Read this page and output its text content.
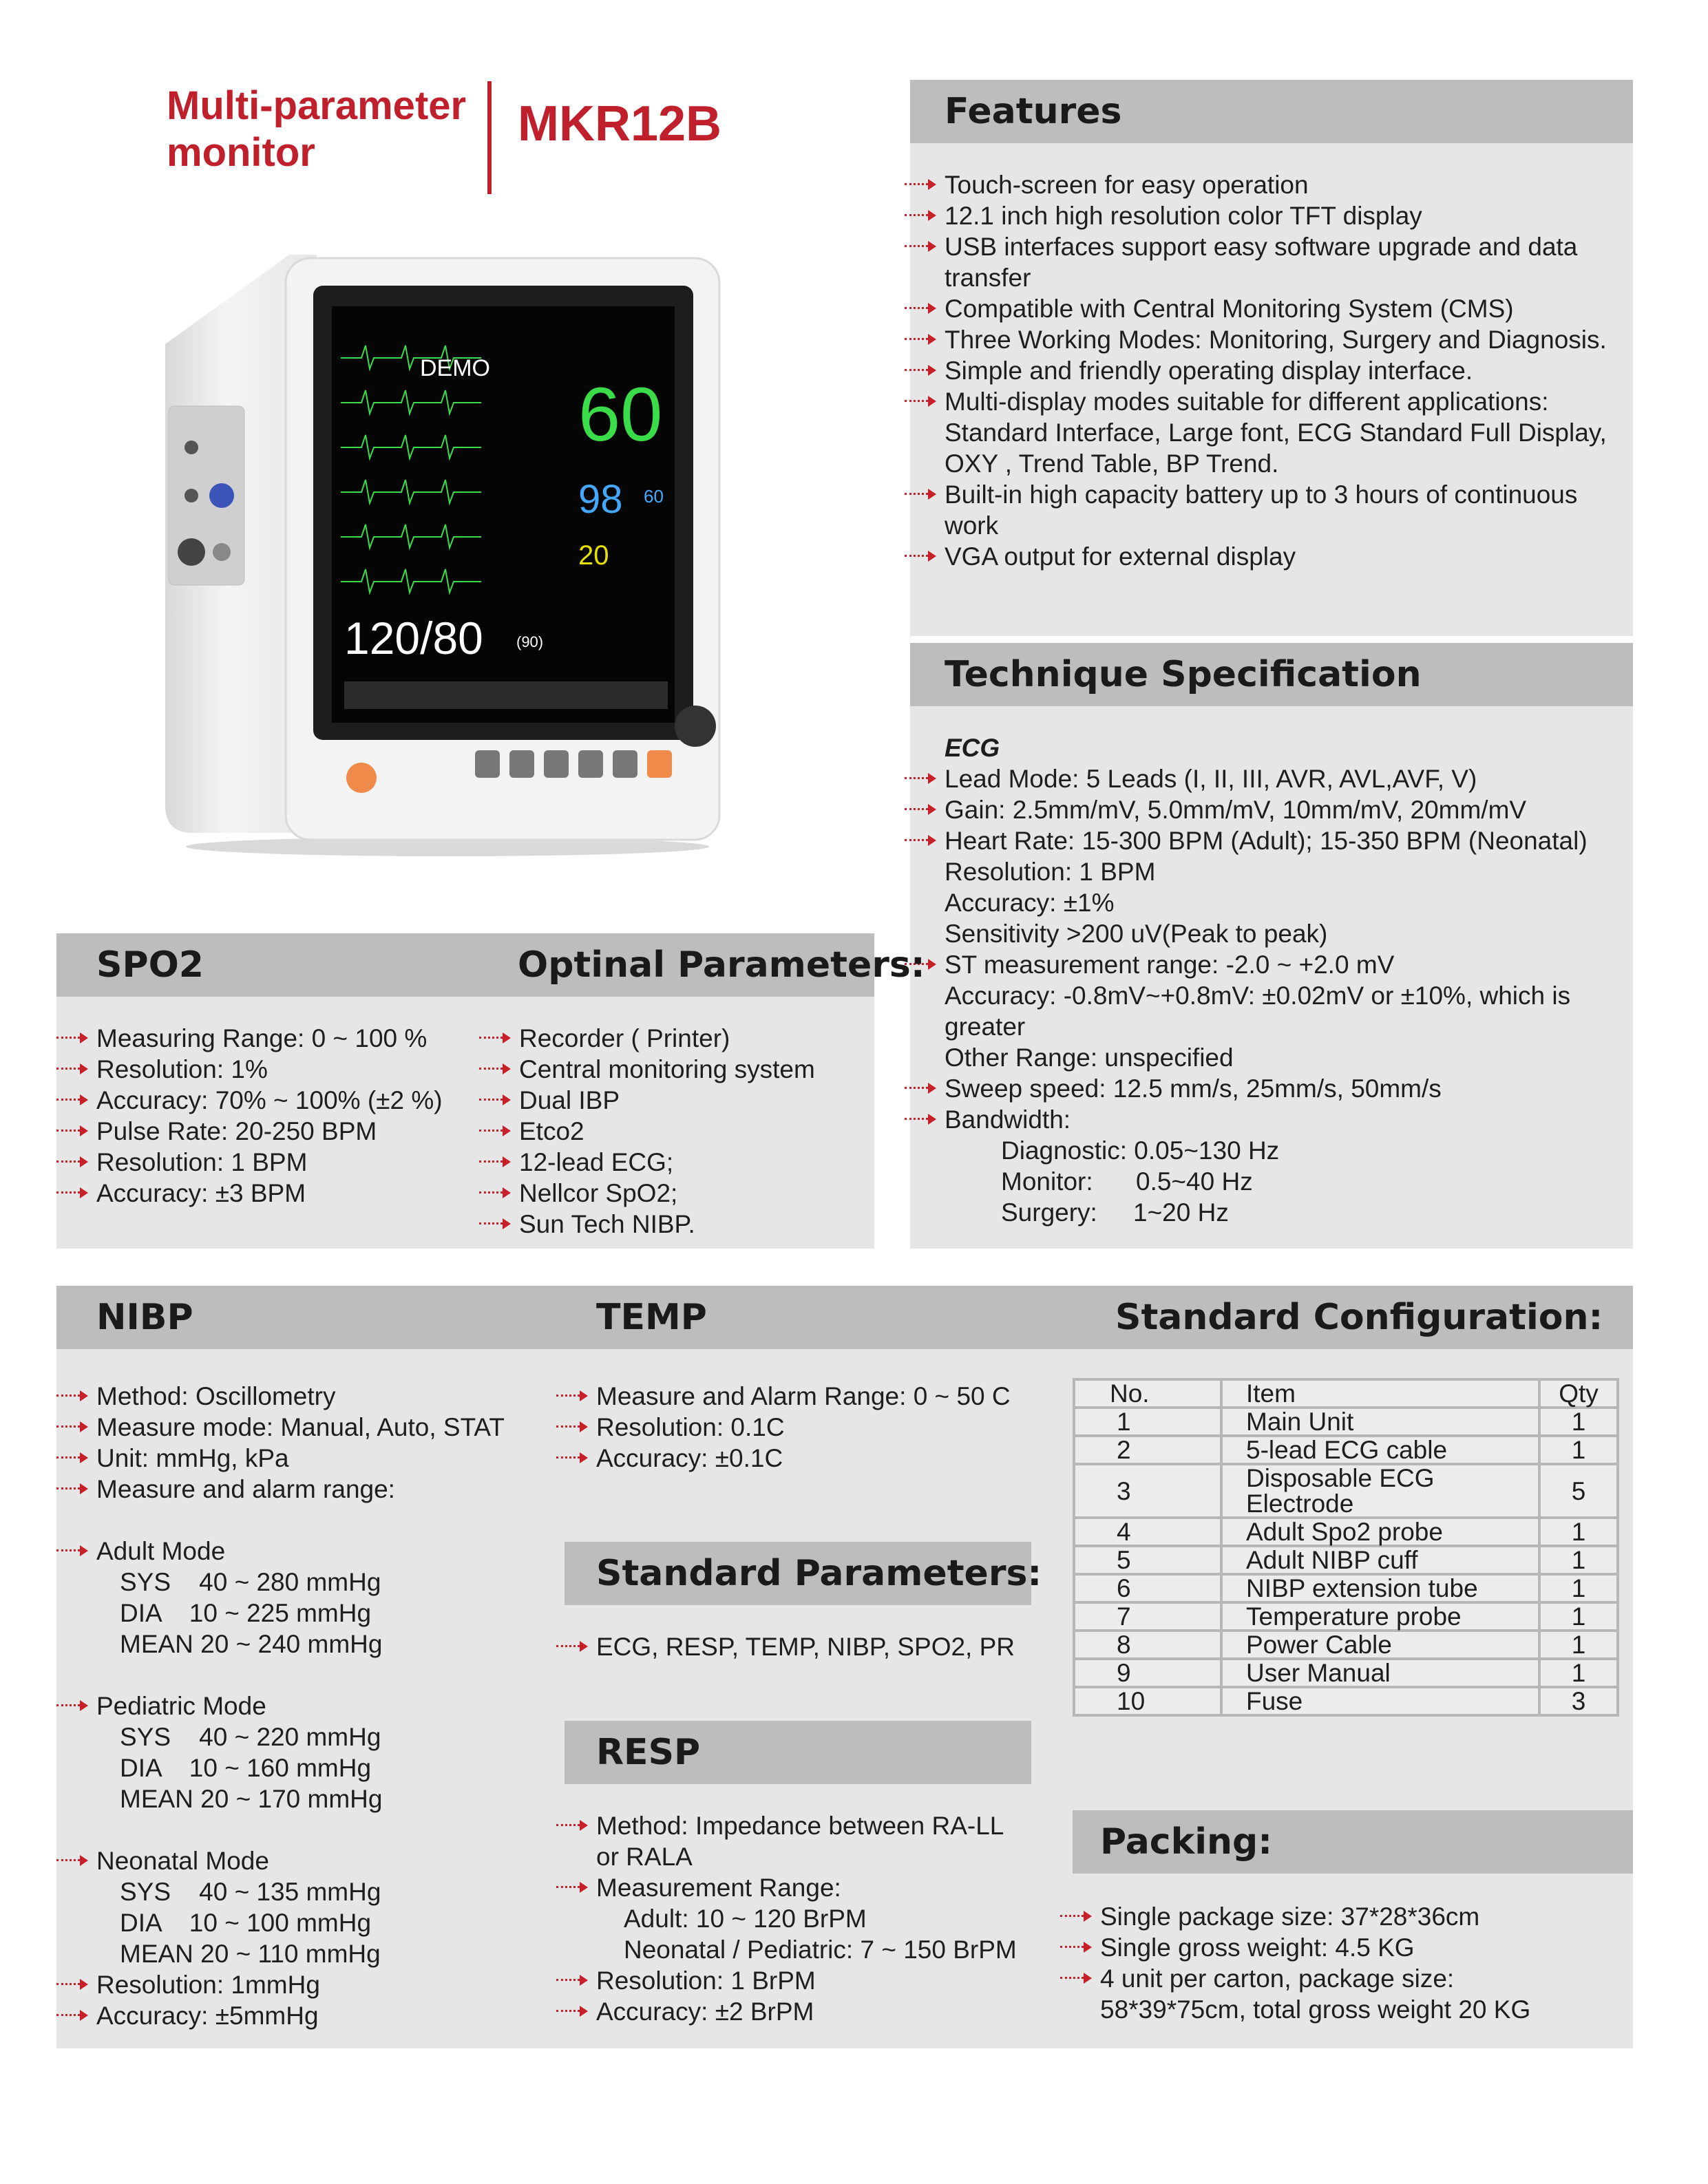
Multi-parameter
monitor
MKR12B
DEMO
60
98 60
20
120/80 (90)
Features
Touch-screen for easy operation
12.1 inch high resolution color TFT display
USB interfaces support easy software upgrade and data transfer
Compatible with Central Monitoring System (CMS)
Three Working Modes: Monitoring, Surgery and Diagnosis.
Simple and friendly operating display interface.
Multi-display modes suitable for different applications: Standard Interface, Large font, ECG Standard Full Display, OXY , Trend Table, BP Trend.
Built-in high capacity battery up to 3 hours of continuous work
VGA output for external display
Technique Specification
ECG
Lead Mode: 5 Leads (I, II, III, AVR, AVL,AVF, V)
Gain: 2.5mm/mV, 5.0mm/mV, 10mm/mV, 20mm/mV
Heart Rate: 15-300 BPM (Adult); 15-350 BPM (Neonatal)
Resolution: 1 BPM
Accuracy: ±1%
Sensitivity >200 uV(Peak to peak)
ST measurement range: -2.0 ~ +2.0 mV
Accuracy: -0.8mV~+0.8mV: ±0.02mV or ±10%, which is greater
Other Range: unspecified
Sweep speed: 12.5 mm/s, 25mm/s, 50mm/s
Bandwidth:
Diagnostic: 0.05~130 Hz
Monitor: 0.5~40 Hz
Surgery: 1~20 Hz
SPO2	Optinal Parameters:
Measuring Range: 0 ~ 100 %
Resolution: 1%
Accuracy: 70% ~ 100% (±2 %)
Pulse Rate: 20-250 BPM
Resolution: 1 BPM
Accuracy: ±3 BPM
Recorder ( Printer)
Central monitoring system
Dual IBP
Etco2
12-lead ECG;
Nellcor SpO2;
Sun Tech NIBP.
NIBP	TEMP	Standard Configuration:
Method: Oscillometry
Measure mode: Manual, Auto, STAT
Unit: mmHg, kPa
Measure and alarm range:
Adult Mode
SYS    40 ~ 280 mmHg
DIA    10 ~ 225 mmHg
MEAN 20 ~ 240 mmHg
Pediatric Mode
SYS    40 ~ 220 mmHg
DIA    10 ~ 160 mmHg
MEAN 20 ~ 170 mmHg
Neonatal Mode
SYS    40 ~ 135 mmHg
DIA    10 ~ 100 mmHg
MEAN 20 ~ 110 mmHg
Resolution: 1mmHg
Accuracy: ±5mmHg
Measure and Alarm Range: 0 ~ 50 C
Resolution: 0.1C
Accuracy: ±0.1C
Standard Parameters:
ECG, RESP, TEMP, NIBP, SPO2, PR
RESP
Method: Impedance between RA-LL or RALA
Measurement Range:
Adult: 10 ~ 120 BrPM
Neonatal / Pediatric: 7 ~ 150 BrPM
Resolution: 1 BrPM
Accuracy: ±2 BrPM
No.	Item	Qty
1	Main Unit	1
2	5-lead ECG cable	1
3	Disposable ECG Electrode	5
4	Adult Spo2 probe	1
5	Adult NIBP cuff	1
6	NIBP extension tube	1
7	Temperature probe	1
8	Power Cable	1
9	User Manual	1
10	Fuse	3
Packing:
Single package size: 37*28*36cm
Single gross weight: 4.5 KG
4 unit per carton, package size: 58*39*75cm, total gross weight 20 KG
